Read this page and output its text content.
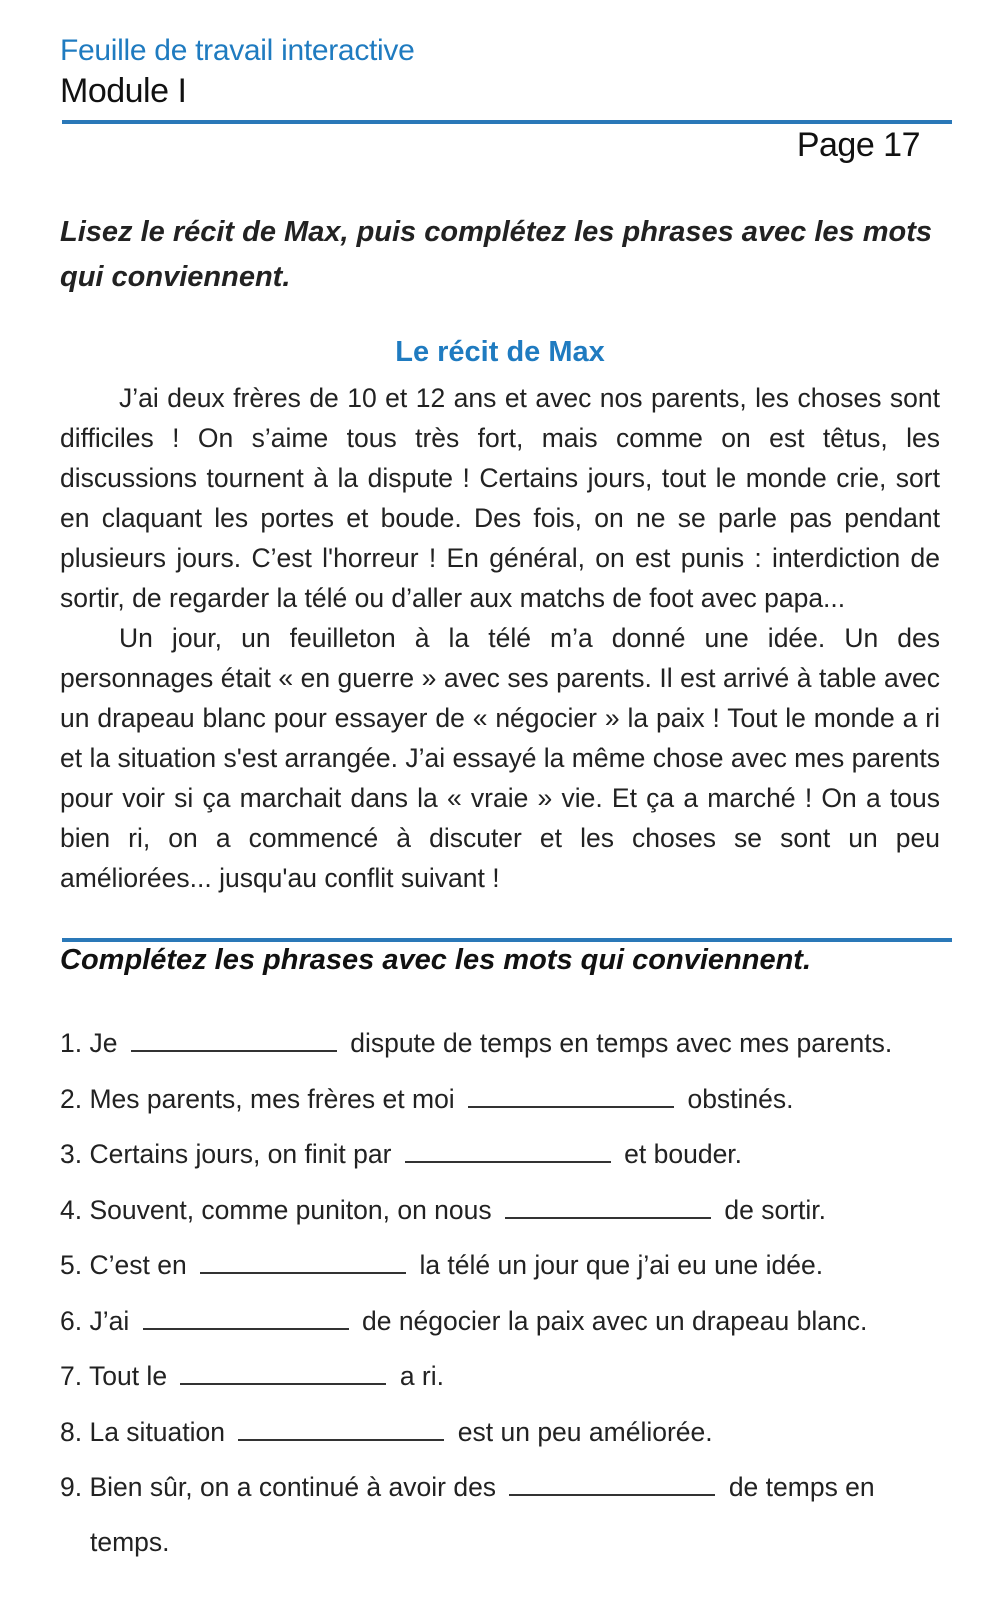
Feuille de travail interactive
Module I
Page 17
Lisez le récit de Max, puis complétez les phrases avec les mots qui conviennent.
Le récit de Max

J’ai deux frères de 10 et 12 ans et avec nos parents, les choses sont difficiles ! On s’aime tous très fort, mais comme on est têtus, les discussions tournent à la dispute ! Certains jours, tout le monde crie, sort en claquant les portes et boude. Des fois, on ne se parle pas pendant plusieurs jours. C’est l'horreur ! En général, on est punis : interdiction de sortir, de regarder la télé ou d’aller aux matchs de foot avec papa...

Un jour, un feuilleton à la télé m’a donné une idée. Un des personnages était « en guerre » avec ses parents. Il est arrivé à table avec un drapeau blanc pour essayer de « négocier » la paix ! Tout le monde a ri et la situation s'est arrangée. J’ai essayé la même chose avec mes parents pour voir si ça marchait dans la « vraie » vie. Et ça a marché ! On a tous bien ri, on a commencé à discuter et les choses se sont un peu améliorées... jusqu'au conflit suivant !

Complétez les phrases avec les mots qui conviennent.
1. Je	dispute de temps en temps avec mes parents.
2. Mes parents, mes frères et moi	obstinés.
3. Certains jours, on finit par	et bouder.
4. Souvent, comme puniton, on nous	de sortir.
5. C’est en	la télé un jour que j’ai eu une idée.
6. J’ai	de négocier la paix avec un drapeau blanc.
7. Tout le	a ri.
8. La situation	est un peu améliorée.
9. Bien sûr, on a continué à avoir des	de temps en
temps.
